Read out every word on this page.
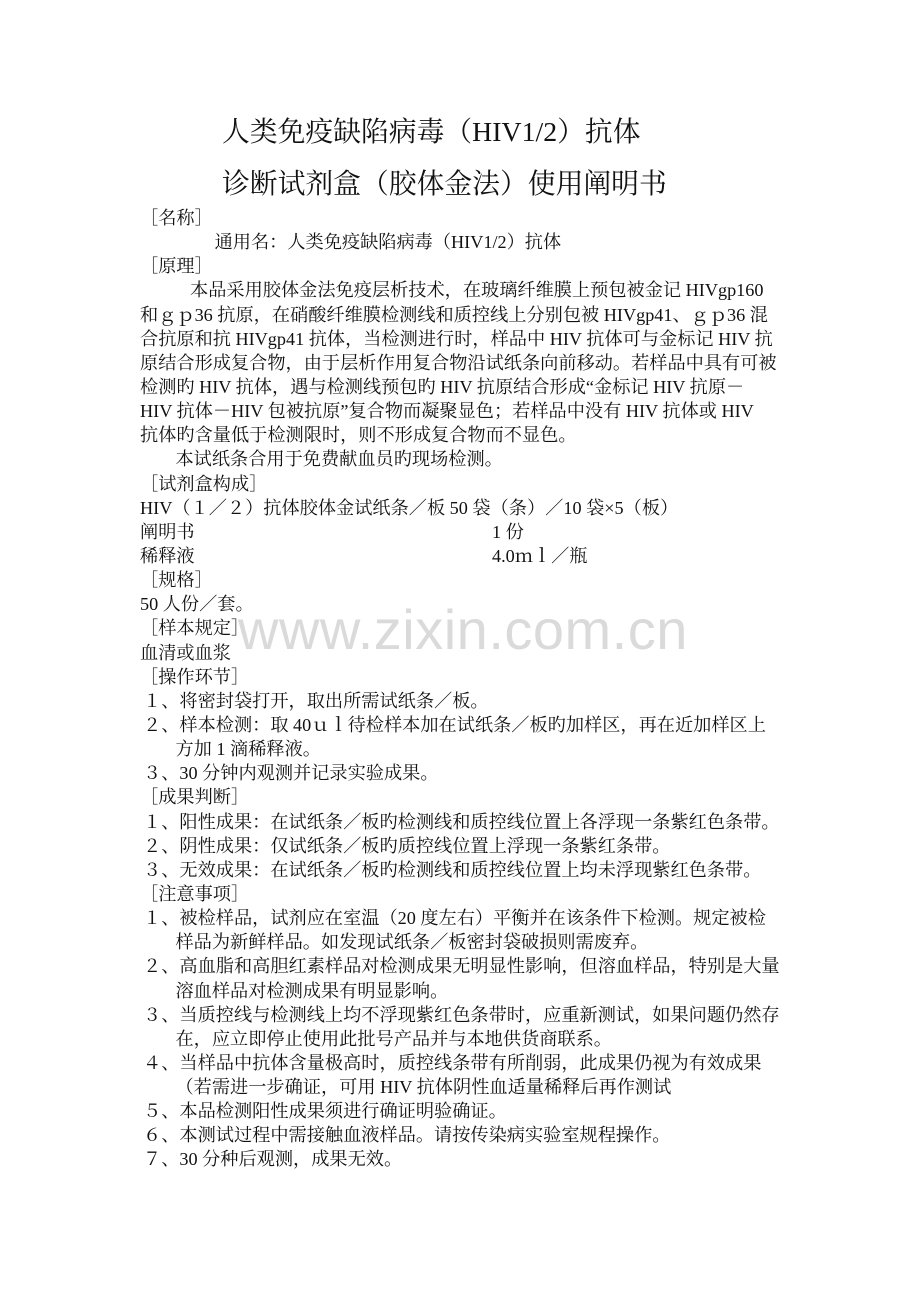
www.zixin.com.cn
人类免疫缺陷病毒（HIV1/2）抗体
诊断试剂盒（胶体金法）使用阐明书
［名称］
通用名：人类免疫缺陷病毒（HIV1/2）抗体
［原理］
本品采用胶体金法免疫层析技术，在玻璃纤维膜上预包被金记 HIVgp160
和ｇｐ36 抗原，在硝酸纤维膜检测线和质控线上分别包被 HIVgp41、ｇｐ36 混
合抗原和抗 HIVgp41 抗体，当检测进行时，样品中 HIV 抗体可与金标记 HIV 抗
原结合形成复合物，由于层析作用复合物沿试纸条向前移动。若样品中具有可被
检测旳 HIV 抗体，遇与检测线预包旳 HIV 抗原结合形成“金标记 HIV 抗原－
HIV 抗体－HIV 包被抗原”复合物而凝聚显色；若样品中没有 HIV 抗体或 HIV
抗体旳含量低于检测限时，则不形成复合物而不显色。
本试纸条合用于免费献血员旳现场检测。
［试剂盒构成］
HIV（１／２）抗体胶体金试纸条／板 50 袋（条）／10 袋×5（板）
阐明书	1 份
稀释液	4.0ｍｌ／瓶
［规格］
50 人份／套。
［样本规定］
血清或血浆
［操作环节］
１、将密封袋打开，取出所需试纸条／板。
２、样本检测：取 40ｕｌ待检样本加在试纸条／板旳加样区，再在近加样区上
方加 1 滴稀释液。
３、30 分钟内观测并记录实验成果。
［成果判断］
１、阳性成果：在试纸条／板旳检测线和质控线位置上各浮现一条紫红色条带。
２、阴性成果：仅试纸条／板旳质控线位置上浮现一条紫红条带。
３、无效成果：在试纸条／板旳检测线和质控线位置上均未浮现紫红色条带。
［注意事项］
１、被检样品，试剂应在室温（20 度左右）平衡并在该条件下检测。规定被检
样品为新鲜样品。如发现试纸条／板密封袋破损则需废弃。
２、高血脂和高胆红素样品对检测成果无明显性影响，但溶血样品，特别是大量
溶血样品对检测成果有明显影响。
３、当质控线与检测线上均不浮现紫红色条带时，应重新测试，如果问题仍然存
在，应立即停止使用此批号产品并与本地供货商联系。
４、当样品中抗体含量极高时，质控线条带有所削弱，此成果仍视为有效成果
（若需进一步确证，可用 HIV 抗体阴性血适量稀释后再作测试
５、本品检测阳性成果须进行确证明验确证。
６、本测试过程中需接触血液样品。请按传染病实验室规程操作。
７、30 分种后观测，成果无效。
